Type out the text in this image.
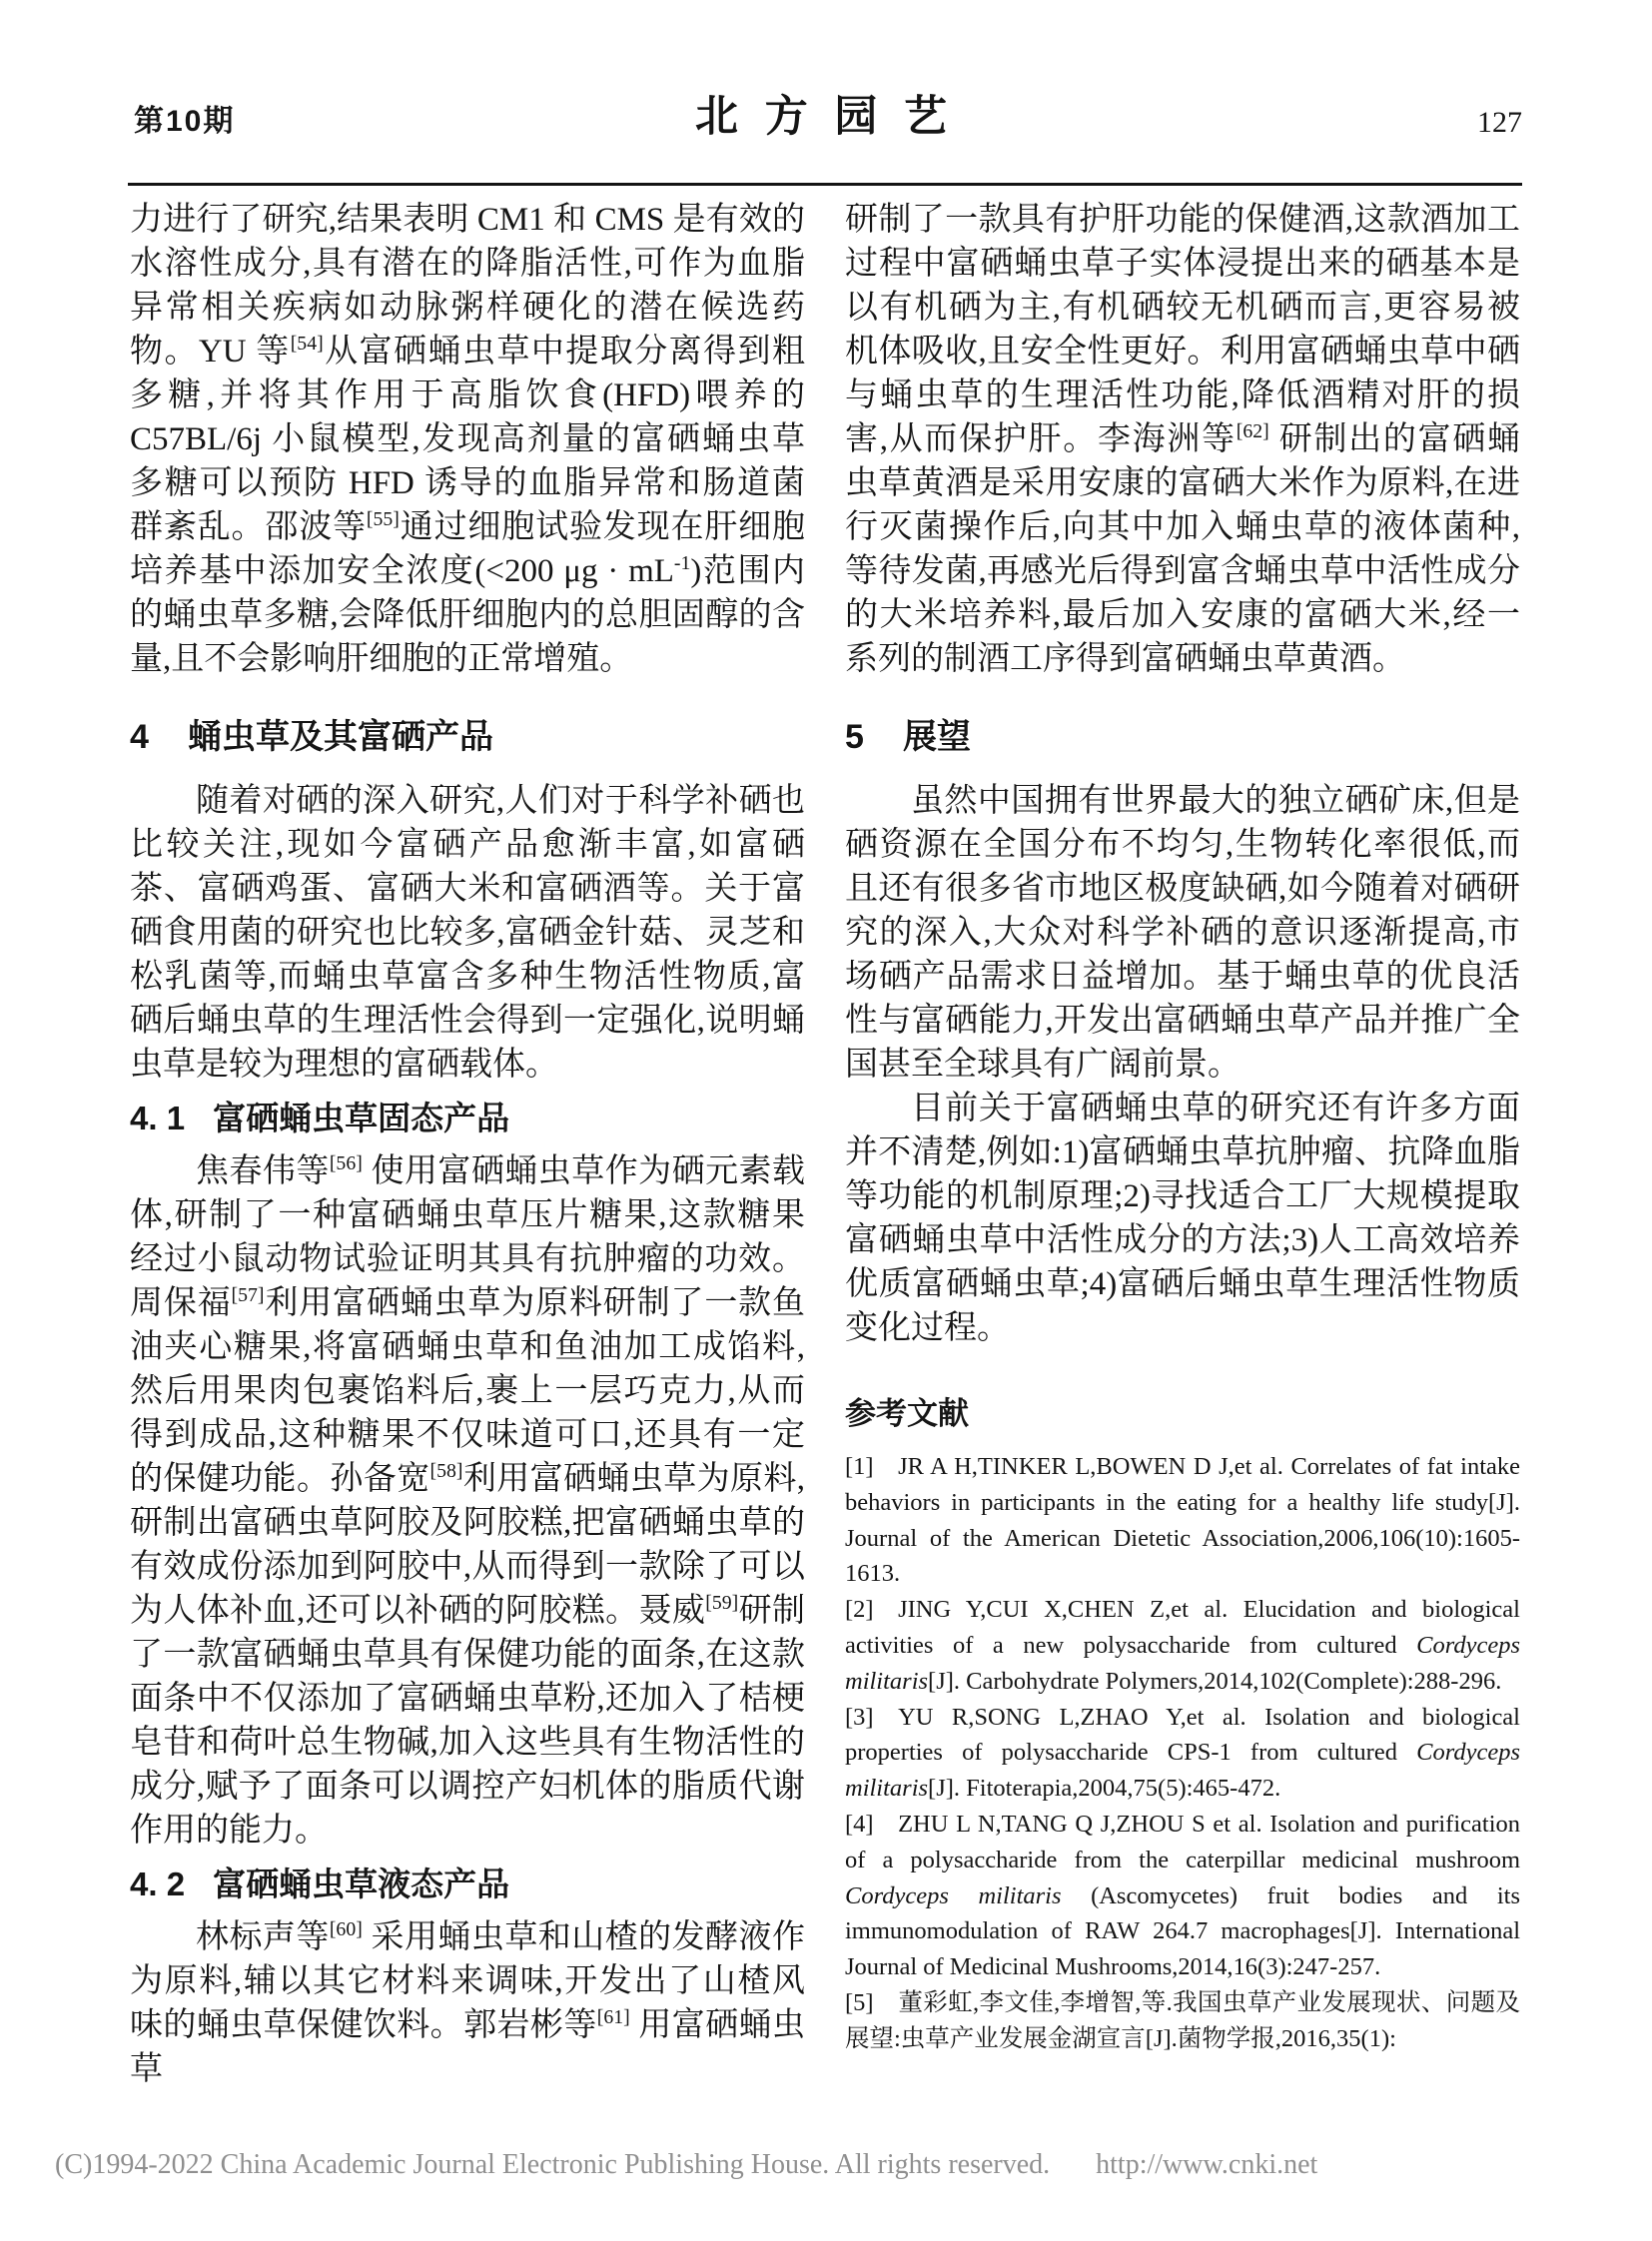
第10期	北方园艺	127

力进行了研究,结果表明 CM1 和 CMS 是有效的水溶性成分,具有潜在的降脂活性,可作为血脂异常相关疾病如动脉粥样硬化的潜在候选药物。YU 等[54]从富硒蛹虫草中提取分离得到粗多糖,并将其作用于高脂饮食(HFD)喂养的 C57BL/6j 小鼠模型,发现高剂量的富硒蛹虫草多糖可以预防 HFD 诱导的血脂异常和肠道菌群紊乱。邵波等[55]通过细胞试验发现在肝细胞培养基中添加安全浓度(<200 $\mu g \cdot mL^{-1}$)范围内的蛹虫草多糖,会降低肝细胞内的总胆固醇的含量,且不会影响肝细胞的正常增殖。

4 蛹虫草及其富硒产品

随着对硒的深入研究,人们对于科学补硒也比较关注,现如今富硒产品愈渐丰富,如富硒茶、富硒鸡蛋、富硒大米和富硒酒等。关于富硒食用菌的研究也比较多,富硒金针菇、灵芝和松乳菌等,而蛹虫草富含多种生物活性物质,富硒后蛹虫草的生理活性会得到一定强化,说明蛹虫草是较为理想的富硒载体。

4. 1 富硒蛹虫草固态产品

焦春伟等[56] 使用富硒蛹虫草作为硒元素载体,研制了一种富硒蛹虫草压片糖果,这款糖果经过小鼠动物试验证明其具有抗肿瘤的功效。周保福[57]利用富硒蛹虫草为原料研制了一款鱼油夹心糖果,将富硒蛹虫草和鱼油加工成馅料,然后用果肉包裹馅料后,裹上一层巧克力,从而得到成品,这种糖果不仅味道可口,还具有一定的保健功能。孙备宽[58]利用富硒蛹虫草为原料,研制出富硒虫草阿胶及阿胶糕,把富硒蛹虫草的有效成份添加到阿胶中,从而得到一款除了可以为人体补血,还可以补硒的阿胶糕。聂威[59]研制了一款富硒蛹虫草具有保健功能的面条,在这款面条中不仅添加了富硒蛹虫草粉,还加入了桔梗皂苷和荷叶总生物碱,加入这些具有生物活性的成分,赋予了面条可以调控产妇机体的脂质代谢作用的能力。

4. 2 富硒蛹虫草液态产品

林标声等[60] 采用蛹虫草和山楂的发酵液作为原料,辅以其它材料来调味,开发出了山楂风味的蛹虫草保健饮料。郭岩彬等[61] 用富硒蛹虫草

研制了一款具有护肝功能的保健酒,这款酒加工过程中富硒蛹虫草子实体浸提出来的硒基本是以有机硒为主,有机硒较无机硒而言,更容易被机体吸收,且安全性更好。利用富硒蛹虫草中硒与蛹虫草的生理活性功能,降低酒精对肝的损害,从而保护肝。李海洲等[62] 研制出的富硒蛹虫草黄酒是采用安康的富硒大米作为原料,在进行灭菌操作后,向其中加入蛹虫草的液体菌种,等待发菌,再感光后得到富含蛹虫草中活性成分的大米培养料,最后加入安康的富硒大米,经一系列的制酒工序得到富硒蛹虫草黄酒。

5 展望

虽然中国拥有世界最大的独立硒矿床,但是硒资源在全国分布不均匀,生物转化率很低,而且还有很多省市地区极度缺硒,如今随着对硒研究的深入,大众对科学补硒的意识逐渐提高,市场硒产品需求日益增加。基于蛹虫草的优良活性与富硒能力,开发出富硒蛹虫草产品并推广全国甚至全球具有广阔前景。

目前关于富硒蛹虫草的研究还有许多方面并不清楚,例如:1)富硒蛹虫草抗肿瘤、抗降血脂等功能的机制原理;2)寻找适合工厂大规模提取富硒蛹虫草中活性成分的方法;3)人工高效培养优质富硒蛹虫草;4)富硒后蛹虫草生理活性物质变化过程。

参考文献

[1] JR A H,TINKER L,BOWEN D J,et al. Correlates of fat intake behaviors in participants in the eating for a healthy life study[J]. Journal of the American Dietetic Association,2006,106(10):1605-1613.

[2] JING Y,CUI X,CHEN Z,et al. Elucidation and biological activities of a new polysaccharide from cultured Cordyceps militaris[J]. Carbohydrate Polymers,2014,102(Complete):288-296.

[3] YU R,SONG L,ZHAO Y,et al. Isolation and biological properties of polysaccharide CPS-1 from cultured Cordyceps militaris[J]. Fitoterapia,2004,75(5):465-472.

[4] ZHU L N,TANG Q J,ZHOU S et al. Isolation and purification of a polysaccharide from the caterpillar medicinal mushroom Cordyceps militaris (Ascomycetes) fruit bodies and its immunomodulation of RAW 264.7 macrophages[J]. International Journal of Medicinal Mushrooms,2014,16(3):247-257.

[5] 董彩虹,李文佳,李增智,等.我国虫草产业发展现状、问题及展望:虫草产业发展金湖宣言[J].菌物学报,2016,35(1):

(C)1994-2022 China Academic Journal Electronic Publishing House. All rights reserved. http://www.cnki.net
